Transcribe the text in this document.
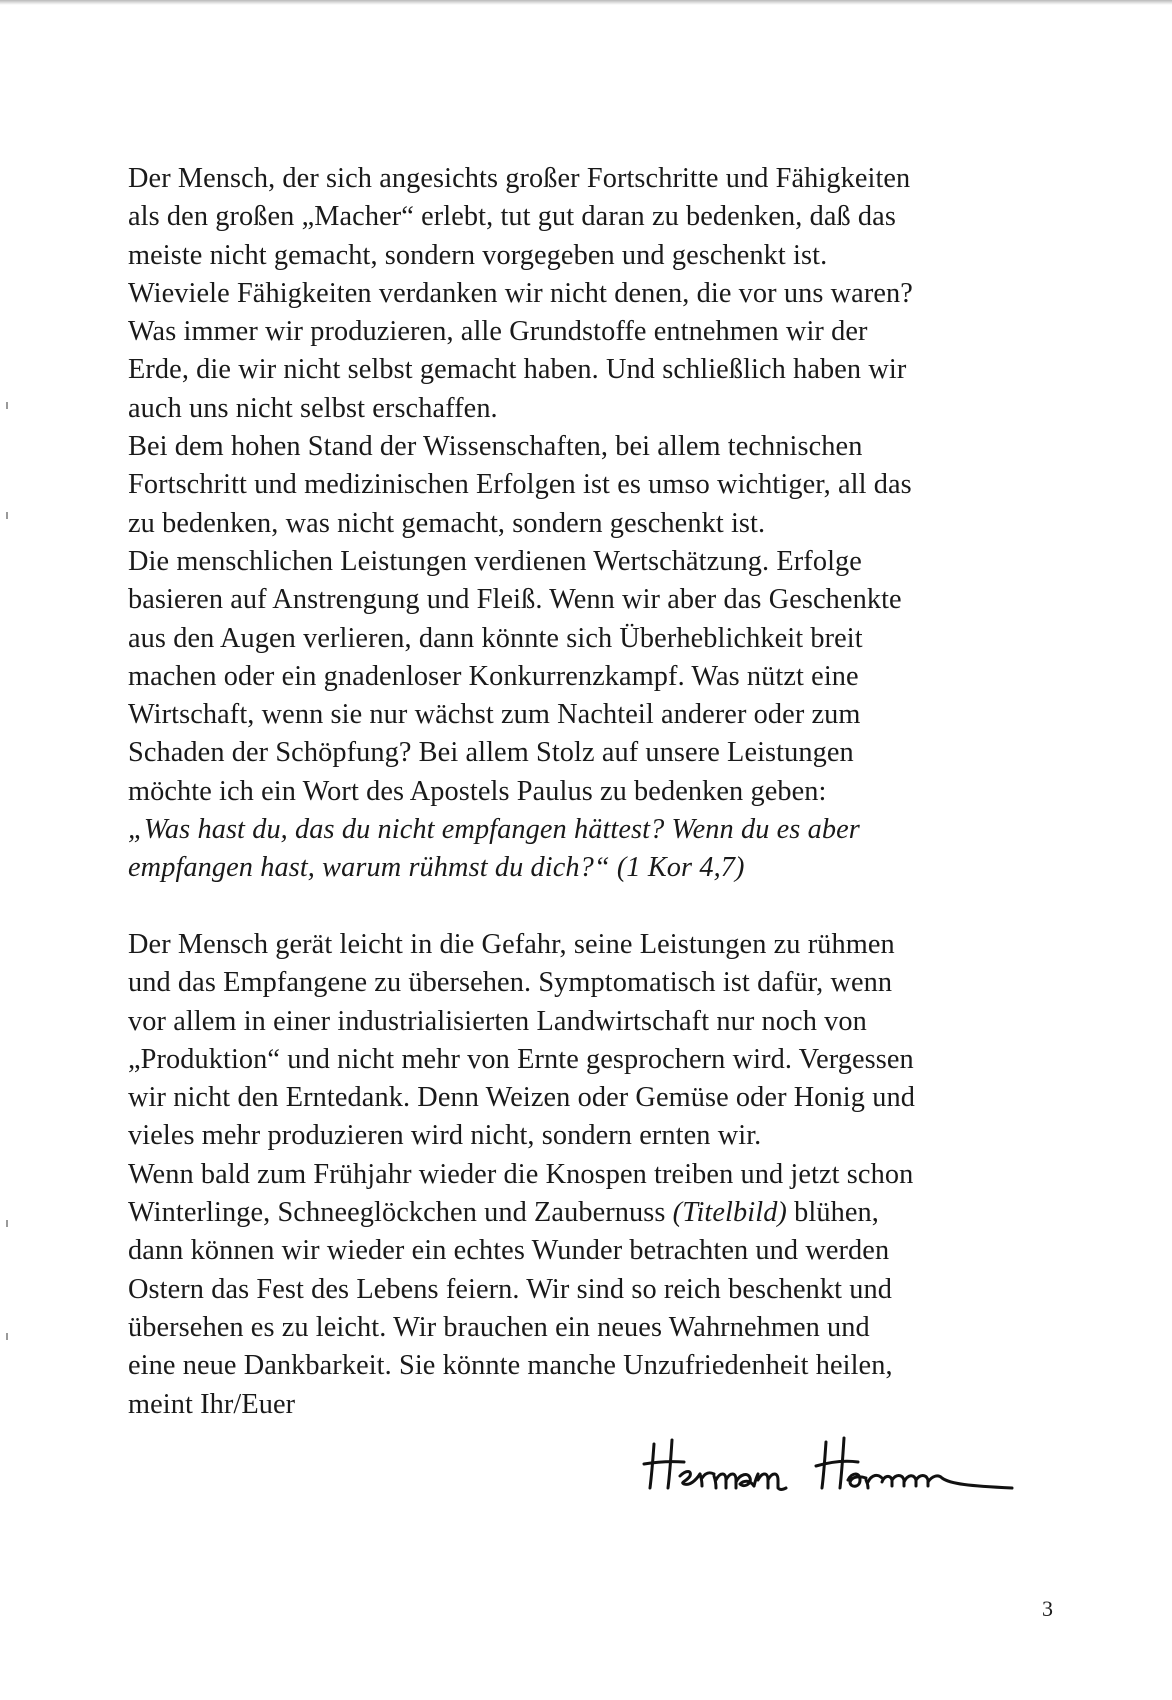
Der Mensch, der sich angesichts großer Fortschritte und Fähigkeiten
als den großen „Macher“ erlebt, tut gut daran zu bedenken, daß das
meiste nicht gemacht, sondern vorgegeben und geschenkt ist.
Wieviele Fähigkeiten verdanken wir nicht denen, die vor uns waren?
Was immer wir produzieren, alle Grundstoffe entnehmen wir der
Erde, die wir nicht selbst gemacht haben. Und schließlich haben wir
auch uns nicht selbst erschaffen.
Bei dem hohen Stand der Wissenschaften, bei allem technischen
Fortschritt und medizinischen Erfolgen ist es umso wichtiger, all das
zu bedenken, was nicht gemacht, sondern geschenkt ist.
Die menschlichen Leistungen verdienen Wertschätzung. Erfolge
basieren auf Anstrengung und Fleiß. Wenn wir aber das Geschenkte
aus den Augen verlieren, dann könnte sich Überheblichkeit breit
machen oder ein gnadenloser Konkurrenzkampf. Was nützt eine
Wirtschaft, wenn sie nur wächst zum Nachteil anderer oder zum
Schaden der Schöpfung? Bei allem Stolz auf unsere Leistungen
möchte ich ein Wort des Apostels Paulus zu bedenken geben:
„Was hast du, das du nicht empfangen hättest? Wenn du es aber
empfangen hast, warum rühmst du dich?“ (1 Kor 4,7)
Der Mensch gerät leicht in die Gefahr, seine Leistungen zu rühmen
und das Empfangene zu übersehen. Symptomatisch ist dafür, wenn
vor allem in einer industrialisierten Landwirtschaft nur noch von
„Produktion“ und nicht mehr von Ernte gesprochern wird. Vergessen
wir nicht den Erntedank. Denn Weizen oder Gemüse oder Honig und
vieles mehr produzieren wird nicht, sondern ernten wir.
Wenn bald zum Frühjahr wieder die Knospen treiben und jetzt schon
Winterlinge, Schneeglöckchen und Zaubernuss (Titelbild) blühen,
dann können wir wieder ein echtes Wunder betrachten und werden
Ostern das Fest des Lebens feiern. Wir sind so reich beschenkt und
übersehen es zu leicht. Wir brauchen ein neues Wahrnehmen und
eine neue Dankbarkeit. Sie könnte manche Unzufriedenheit heilen,
meint Ihr/Euer
3
